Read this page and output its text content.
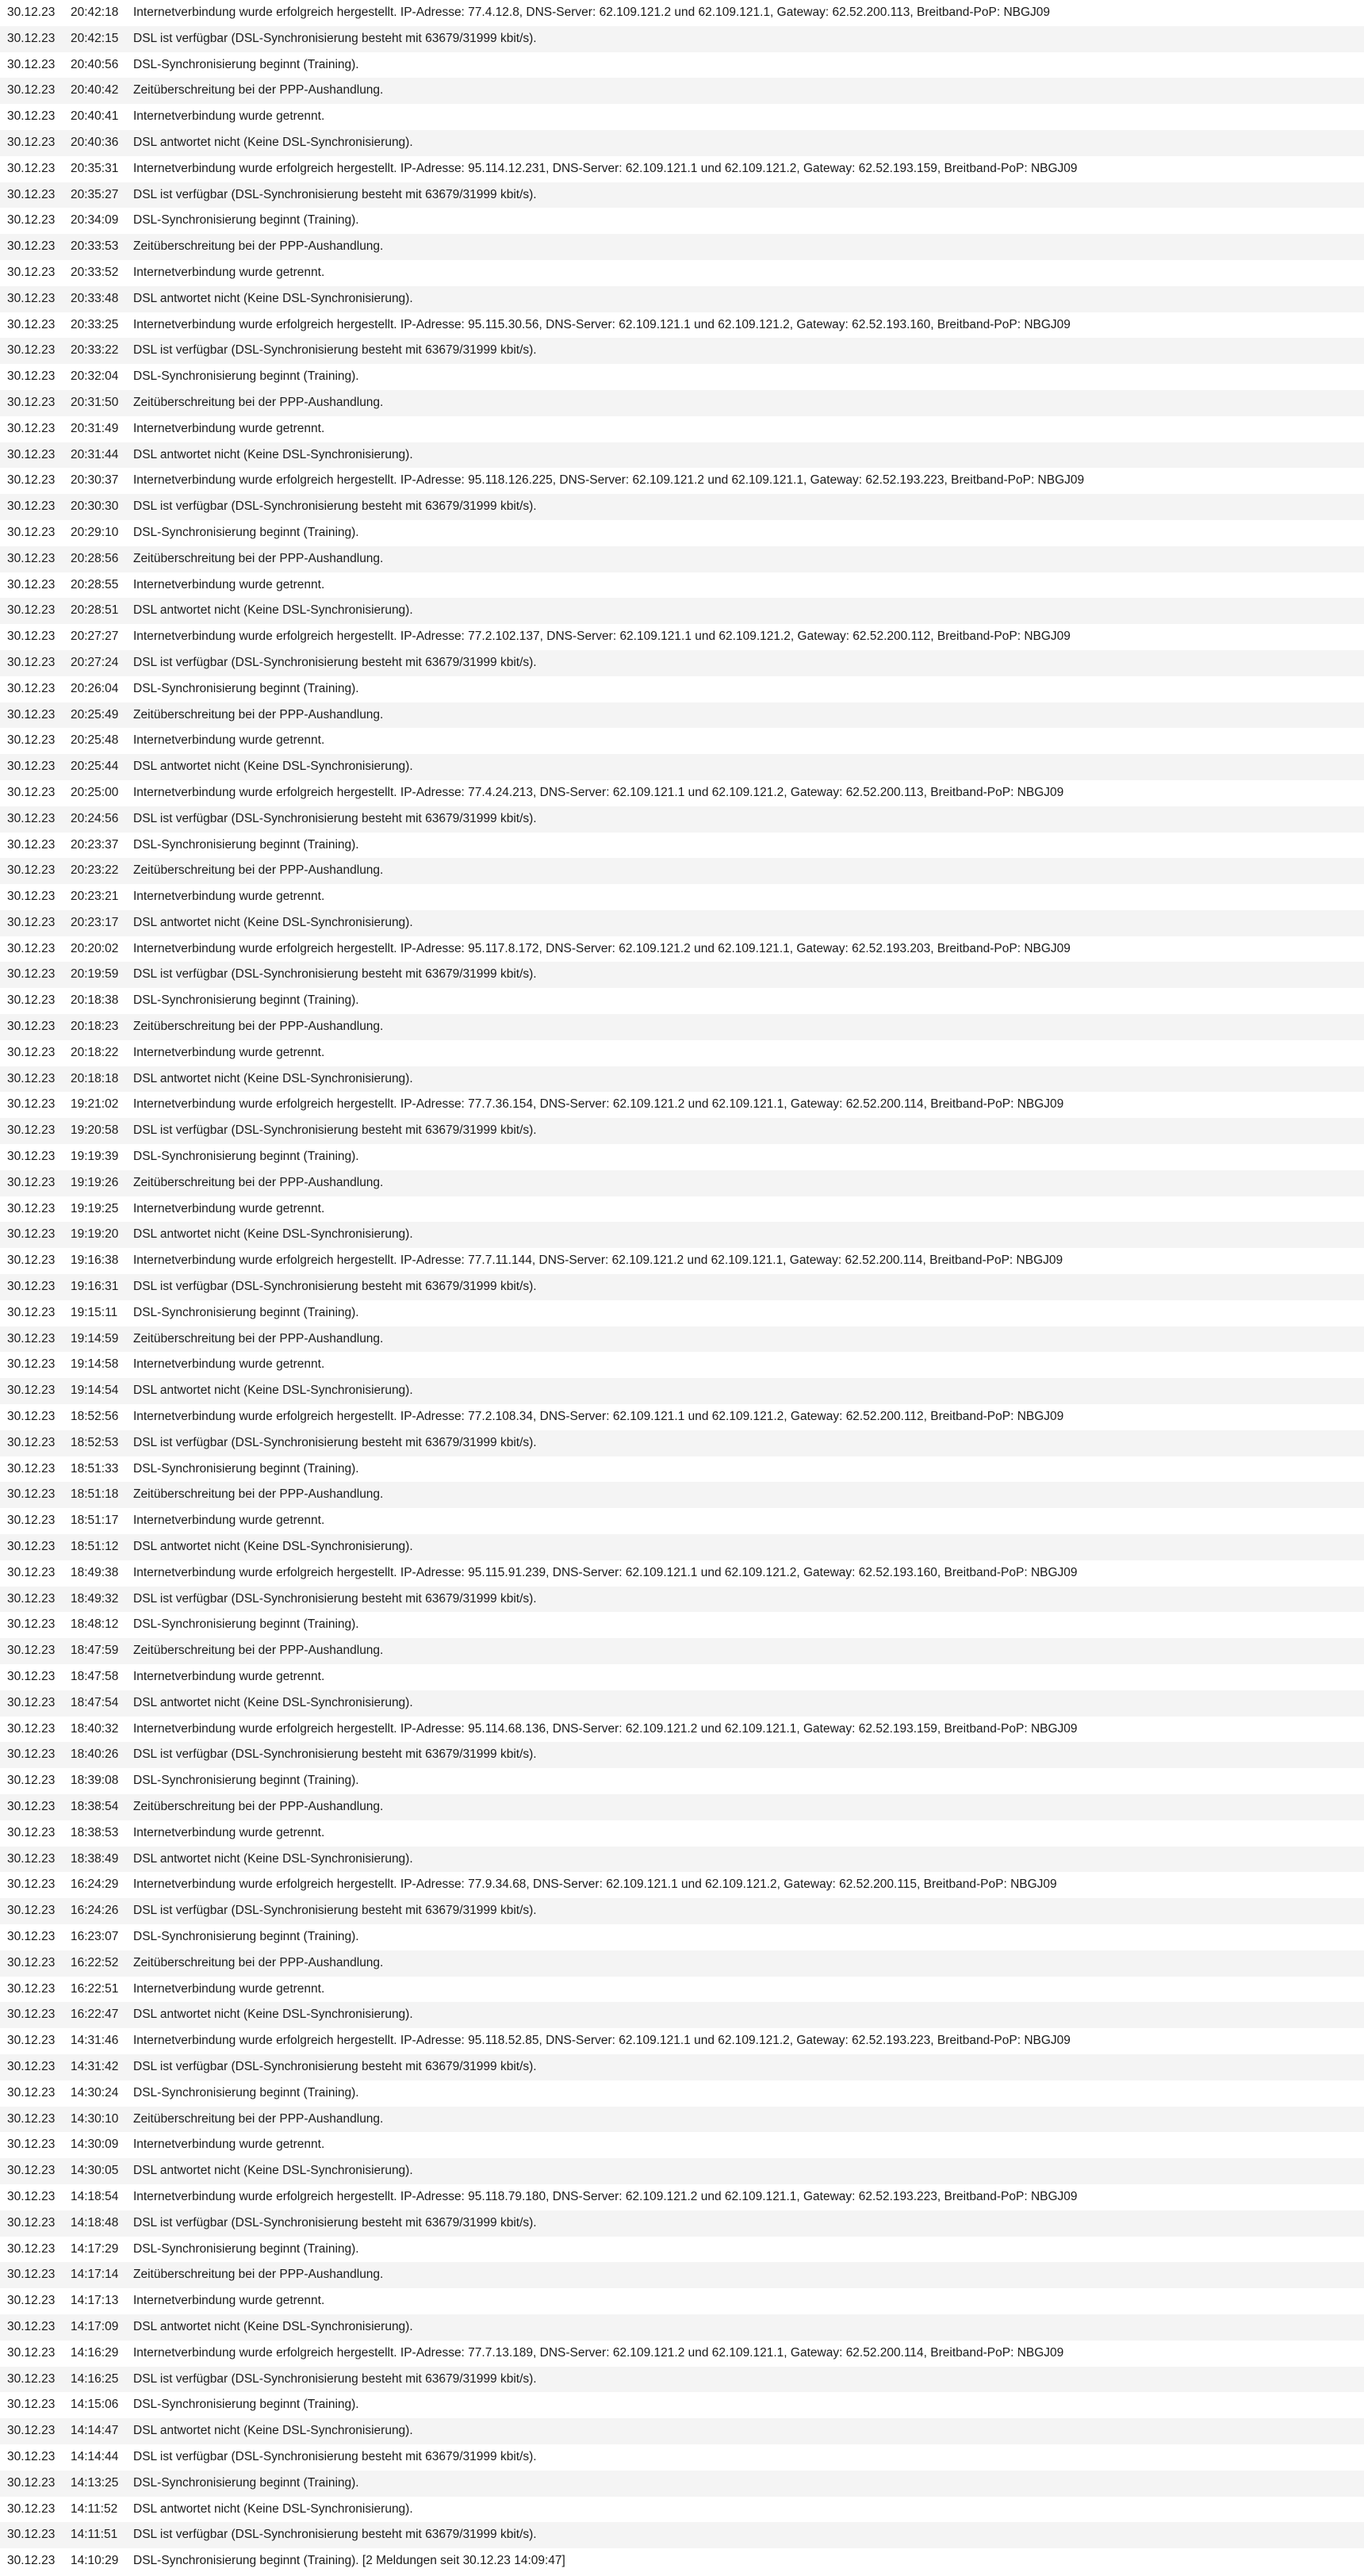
30.12.23	20:42:18	Internetverbindung wurde erfolgreich hergestellt. IP-Adresse: 77.4.12.8, DNS-Server: 62.109.121.2 und 62.109.121.1, Gateway: 62.52.200.113, Breitband-PoP: NBGJ09
30.12.23	20:42:15	DSL ist verfügbar (DSL-Synchronisierung besteht mit 63679/31999 kbit/s).
30.12.23	20:40:56	DSL-Synchronisierung beginnt (Training).
30.12.23	20:40:42	Zeitüberschreitung bei der PPP-Aushandlung.
30.12.23	20:40:41	Internetverbindung wurde getrennt.
30.12.23	20:40:36	DSL antwortet nicht (Keine DSL-Synchronisierung).
30.12.23	20:35:31	Internetverbindung wurde erfolgreich hergestellt. IP-Adresse: 95.114.12.231, DNS-Server: 62.109.121.1 und 62.109.121.2, Gateway: 62.52.193.159, Breitband-PoP: NBGJ09
30.12.23	20:35:27	DSL ist verfügbar (DSL-Synchronisierung besteht mit 63679/31999 kbit/s).
30.12.23	20:34:09	DSL-Synchronisierung beginnt (Training).
30.12.23	20:33:53	Zeitüberschreitung bei der PPP-Aushandlung.
30.12.23	20:33:52	Internetverbindung wurde getrennt.
30.12.23	20:33:48	DSL antwortet nicht (Keine DSL-Synchronisierung).
30.12.23	20:33:25	Internetverbindung wurde erfolgreich hergestellt. IP-Adresse: 95.115.30.56, DNS-Server: 62.109.121.1 und 62.109.121.2, Gateway: 62.52.193.160, Breitband-PoP: NBGJ09
30.12.23	20:33:22	DSL ist verfügbar (DSL-Synchronisierung besteht mit 63679/31999 kbit/s).
30.12.23	20:32:04	DSL-Synchronisierung beginnt (Training).
30.12.23	20:31:50	Zeitüberschreitung bei der PPP-Aushandlung.
30.12.23	20:31:49	Internetverbindung wurde getrennt.
30.12.23	20:31:44	DSL antwortet nicht (Keine DSL-Synchronisierung).
30.12.23	20:30:37	Internetverbindung wurde erfolgreich hergestellt. IP-Adresse: 95.118.126.225, DNS-Server: 62.109.121.2 und 62.109.121.1, Gateway: 62.52.193.223, Breitband-PoP: NBGJ09
30.12.23	20:30:30	DSL ist verfügbar (DSL-Synchronisierung besteht mit 63679/31999 kbit/s).
30.12.23	20:29:10	DSL-Synchronisierung beginnt (Training).
30.12.23	20:28:56	Zeitüberschreitung bei der PPP-Aushandlung.
30.12.23	20:28:55	Internetverbindung wurde getrennt.
30.12.23	20:28:51	DSL antwortet nicht (Keine DSL-Synchronisierung).
30.12.23	20:27:27	Internetverbindung wurde erfolgreich hergestellt. IP-Adresse: 77.2.102.137, DNS-Server: 62.109.121.1 und 62.109.121.2, Gateway: 62.52.200.112, Breitband-PoP: NBGJ09
30.12.23	20:27:24	DSL ist verfügbar (DSL-Synchronisierung besteht mit 63679/31999 kbit/s).
30.12.23	20:26:04	DSL-Synchronisierung beginnt (Training).
30.12.23	20:25:49	Zeitüberschreitung bei der PPP-Aushandlung.
30.12.23	20:25:48	Internetverbindung wurde getrennt.
30.12.23	20:25:44	DSL antwortet nicht (Keine DSL-Synchronisierung).
30.12.23	20:25:00	Internetverbindung wurde erfolgreich hergestellt. IP-Adresse: 77.4.24.213, DNS-Server: 62.109.121.1 und 62.109.121.2, Gateway: 62.52.200.113, Breitband-PoP: NBGJ09
30.12.23	20:24:56	DSL ist verfügbar (DSL-Synchronisierung besteht mit 63679/31999 kbit/s).
30.12.23	20:23:37	DSL-Synchronisierung beginnt (Training).
30.12.23	20:23:22	Zeitüberschreitung bei der PPP-Aushandlung.
30.12.23	20:23:21	Internetverbindung wurde getrennt.
30.12.23	20:23:17	DSL antwortet nicht (Keine DSL-Synchronisierung).
30.12.23	20:20:02	Internetverbindung wurde erfolgreich hergestellt. IP-Adresse: 95.117.8.172, DNS-Server: 62.109.121.2 und 62.109.121.1, Gateway: 62.52.193.203, Breitband-PoP: NBGJ09
30.12.23	20:19:59	DSL ist verfügbar (DSL-Synchronisierung besteht mit 63679/31999 kbit/s).
30.12.23	20:18:38	DSL-Synchronisierung beginnt (Training).
30.12.23	20:18:23	Zeitüberschreitung bei der PPP-Aushandlung.
30.12.23	20:18:22	Internetverbindung wurde getrennt.
30.12.23	20:18:18	DSL antwortet nicht (Keine DSL-Synchronisierung).
30.12.23	19:21:02	Internetverbindung wurde erfolgreich hergestellt. IP-Adresse: 77.7.36.154, DNS-Server: 62.109.121.2 und 62.109.121.1, Gateway: 62.52.200.114, Breitband-PoP: NBGJ09
30.12.23	19:20:58	DSL ist verfügbar (DSL-Synchronisierung besteht mit 63679/31999 kbit/s).
30.12.23	19:19:39	DSL-Synchronisierung beginnt (Training).
30.12.23	19:19:26	Zeitüberschreitung bei der PPP-Aushandlung.
30.12.23	19:19:25	Internetverbindung wurde getrennt.
30.12.23	19:19:20	DSL antwortet nicht (Keine DSL-Synchronisierung).
30.12.23	19:16:38	Internetverbindung wurde erfolgreich hergestellt. IP-Adresse: 77.7.11.144, DNS-Server: 62.109.121.2 und 62.109.121.1, Gateway: 62.52.200.114, Breitband-PoP: NBGJ09
30.12.23	19:16:31	DSL ist verfügbar (DSL-Synchronisierung besteht mit 63679/31999 kbit/s).
30.12.23	19:15:11	DSL-Synchronisierung beginnt (Training).
30.12.23	19:14:59	Zeitüberschreitung bei der PPP-Aushandlung.
30.12.23	19:14:58	Internetverbindung wurde getrennt.
30.12.23	19:14:54	DSL antwortet nicht (Keine DSL-Synchronisierung).
30.12.23	18:52:56	Internetverbindung wurde erfolgreich hergestellt. IP-Adresse: 77.2.108.34, DNS-Server: 62.109.121.1 und 62.109.121.2, Gateway: 62.52.200.112, Breitband-PoP: NBGJ09
30.12.23	18:52:53	DSL ist verfügbar (DSL-Synchronisierung besteht mit 63679/31999 kbit/s).
30.12.23	18:51:33	DSL-Synchronisierung beginnt (Training).
30.12.23	18:51:18	Zeitüberschreitung bei der PPP-Aushandlung.
30.12.23	18:51:17	Internetverbindung wurde getrennt.
30.12.23	18:51:12	DSL antwortet nicht (Keine DSL-Synchronisierung).
30.12.23	18:49:38	Internetverbindung wurde erfolgreich hergestellt. IP-Adresse: 95.115.91.239, DNS-Server: 62.109.121.1 und 62.109.121.2, Gateway: 62.52.193.160, Breitband-PoP: NBGJ09
30.12.23	18:49:32	DSL ist verfügbar (DSL-Synchronisierung besteht mit 63679/31999 kbit/s).
30.12.23	18:48:12	DSL-Synchronisierung beginnt (Training).
30.12.23	18:47:59	Zeitüberschreitung bei der PPP-Aushandlung.
30.12.23	18:47:58	Internetverbindung wurde getrennt.
30.12.23	18:47:54	DSL antwortet nicht (Keine DSL-Synchronisierung).
30.12.23	18:40:32	Internetverbindung wurde erfolgreich hergestellt. IP-Adresse: 95.114.68.136, DNS-Server: 62.109.121.2 und 62.109.121.1, Gateway: 62.52.193.159, Breitband-PoP: NBGJ09
30.12.23	18:40:26	DSL ist verfügbar (DSL-Synchronisierung besteht mit 63679/31999 kbit/s).
30.12.23	18:39:08	DSL-Synchronisierung beginnt (Training).
30.12.23	18:38:54	Zeitüberschreitung bei der PPP-Aushandlung.
30.12.23	18:38:53	Internetverbindung wurde getrennt.
30.12.23	18:38:49	DSL antwortet nicht (Keine DSL-Synchronisierung).
30.12.23	16:24:29	Internetverbindung wurde erfolgreich hergestellt. IP-Adresse: 77.9.34.68, DNS-Server: 62.109.121.1 und 62.109.121.2, Gateway: 62.52.200.115, Breitband-PoP: NBGJ09
30.12.23	16:24:26	DSL ist verfügbar (DSL-Synchronisierung besteht mit 63679/31999 kbit/s).
30.12.23	16:23:07	DSL-Synchronisierung beginnt (Training).
30.12.23	16:22:52	Zeitüberschreitung bei der PPP-Aushandlung.
30.12.23	16:22:51	Internetverbindung wurde getrennt.
30.12.23	16:22:47	DSL antwortet nicht (Keine DSL-Synchronisierung).
30.12.23	14:31:46	Internetverbindung wurde erfolgreich hergestellt. IP-Adresse: 95.118.52.85, DNS-Server: 62.109.121.1 und 62.109.121.2, Gateway: 62.52.193.223, Breitband-PoP: NBGJ09
30.12.23	14:31:42	DSL ist verfügbar (DSL-Synchronisierung besteht mit 63679/31999 kbit/s).
30.12.23	14:30:24	DSL-Synchronisierung beginnt (Training).
30.12.23	14:30:10	Zeitüberschreitung bei der PPP-Aushandlung.
30.12.23	14:30:09	Internetverbindung wurde getrennt.
30.12.23	14:30:05	DSL antwortet nicht (Keine DSL-Synchronisierung).
30.12.23	14:18:54	Internetverbindung wurde erfolgreich hergestellt. IP-Adresse: 95.118.79.180, DNS-Server: 62.109.121.2 und 62.109.121.1, Gateway: 62.52.193.223, Breitband-PoP: NBGJ09
30.12.23	14:18:48	DSL ist verfügbar (DSL-Synchronisierung besteht mit 63679/31999 kbit/s).
30.12.23	14:17:29	DSL-Synchronisierung beginnt (Training).
30.12.23	14:17:14	Zeitüberschreitung bei der PPP-Aushandlung.
30.12.23	14:17:13	Internetverbindung wurde getrennt.
30.12.23	14:17:09	DSL antwortet nicht (Keine DSL-Synchronisierung).
30.12.23	14:16:29	Internetverbindung wurde erfolgreich hergestellt. IP-Adresse: 77.7.13.189, DNS-Server: 62.109.121.2 und 62.109.121.1, Gateway: 62.52.200.114, Breitband-PoP: NBGJ09
30.12.23	14:16:25	DSL ist verfügbar (DSL-Synchronisierung besteht mit 63679/31999 kbit/s).
30.12.23	14:15:06	DSL-Synchronisierung beginnt (Training).
30.12.23	14:14:47	DSL antwortet nicht (Keine DSL-Synchronisierung).
30.12.23	14:14:44	DSL ist verfügbar (DSL-Synchronisierung besteht mit 63679/31999 kbit/s).
30.12.23	14:13:25	DSL-Synchronisierung beginnt (Training).
30.12.23	14:11:52	DSL antwortet nicht (Keine DSL-Synchronisierung).
30.12.23	14:11:51	DSL ist verfügbar (DSL-Synchronisierung besteht mit 63679/31999 kbit/s).
30.12.23	14:10:29	DSL-Synchronisierung beginnt (Training). [2 Meldungen seit 30.12.23 14:09:47]
